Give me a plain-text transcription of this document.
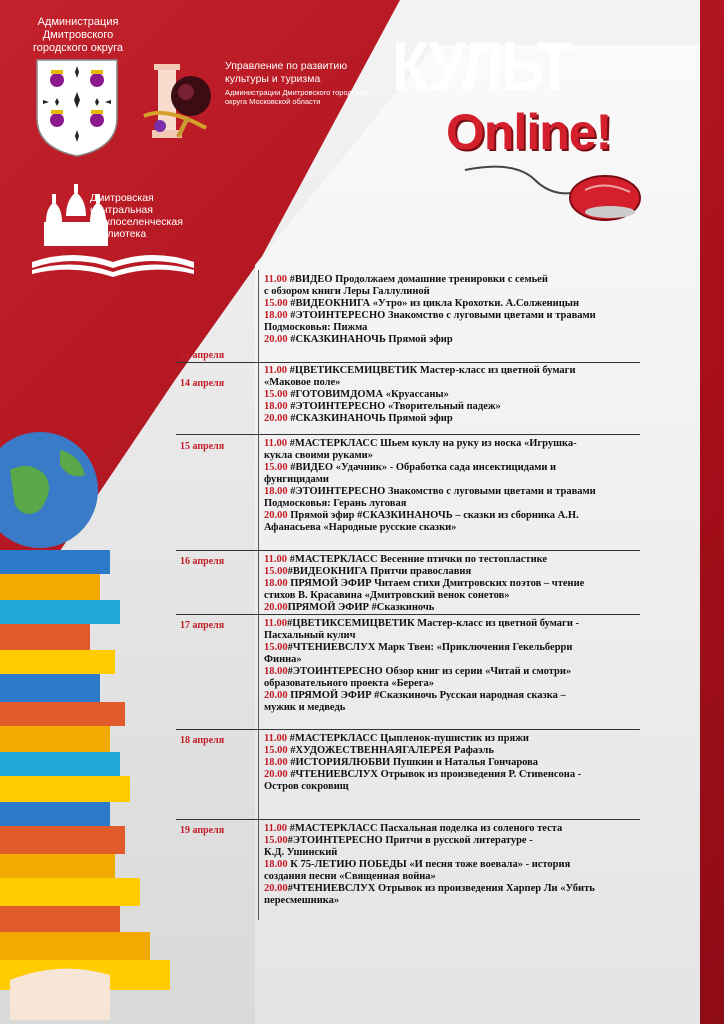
Администрация Дмитровского городского округа
Управление по развитию культуры и туризма
Администрации Дмитровского городского округа Московской области
Дмитровская центральная межпоселенческая библиотека
КУЛЬТ
Online!
13 апреля
11.00 #ВИДЕО Продолжаем домашние тренировки с семьей
с обзором книги Леры Галлулиной
15.00 #ВИДЕОКНИГА «Утро» из цикла Крохотки. А.Солженицын
18.00 #ЭТОИНТЕРЕСНО Знакомство с луговыми цветами и травами
Подмосковья: Пижма
20.00 #СКАЗКИНАНОЧЬ Прямой эфир
14 апреля
11.00 #ЦВЕТИКСЕМИЦВЕТИК Мастер-класс из цветной бумаги
«Маковое поле»
15.00 #ГОТОВИМДОМА «Круассаны»
18.00 #ЭТОИНТЕРЕСНО «Творительный падеж»
20.00 #СКАЗКИНАНОЧЬ Прямой эфир
15 апреля	11.00 #МАСТЕРКЛАСС Шьем куклу на руку из носка «Игрушка-
кукла своими руками»
15.00 #ВИДЕО «Удачник» - Обработка сада инсектицидами и
фунгицидами
18.00 #ЭТОИНТЕРЕСНО Знакомство с луговыми цветами и травами
Подмосковья: Герань луговая
20.00 Прямой эфир #СКАЗКИНАНОЧЬ – сказки из сборника А.Н.
Афанасьева «Народные русские сказки»
16 апреля	11.00 #МАСТЕРКЛАСС Весенние птички по тестопластике
15.00#ВИДЕОКНИГА Притчи православия
18.00 ПРЯМОЙ ЭФИР Читаем стихи Дмитровских поэтов – чтение
стихов В. Красавина «Дмитровский венок сонетов»
20.00ПРЯМОЙ ЭФИР #Сказкиночь
17 апреля	11.00#ЦВЕТИКСЕМИЦВЕТИК Мастер-класс из цветной бумаги -
Пасхальный кулич
15.00#ЧТЕНИЕВСЛУХ Марк Твен: «Приключения Гекельберри
Финна»
18.00#ЭТОИНТЕРЕСНО Обзор книг из серии «Читай и смотри»
образовательного проекта «Берега»
20.00 ПРЯМОЙ ЭФИР #Сказкиночь Русская народная сказка –
мужик и медведь
18 апреля	11.00 #МАСТЕРКЛАСС Цыпленок-пушистик из пряжи
15.00 #ХУДОЖЕСТВЕННАЯГАЛЕРЕЯ Рафаэль
18.00 #ИСТОРИЯЛЮБВИ Пушкин и Наталья Гончарова
20.00 #ЧТЕНИЕВСЛУХ Отрывок из произведения Р. Стивенсона -
Остров сокровищ
19 апреля	11.00 #МАСТЕРКЛАСС Пасхальная поделка из соленого теста
15.00#ЭТОИНТЕРЕСНО Притчи в русской литературе -
К.Д. Ушинский
18.00 К 75-ЛЕТИЮ ПОБЕДЫ «И песня тоже воевала» - история
создания песни «Священная война»
20.00#ЧТЕНИЕВСЛУХ Отрывок из произведения Харпер Ли «Убить
пересмешника»
